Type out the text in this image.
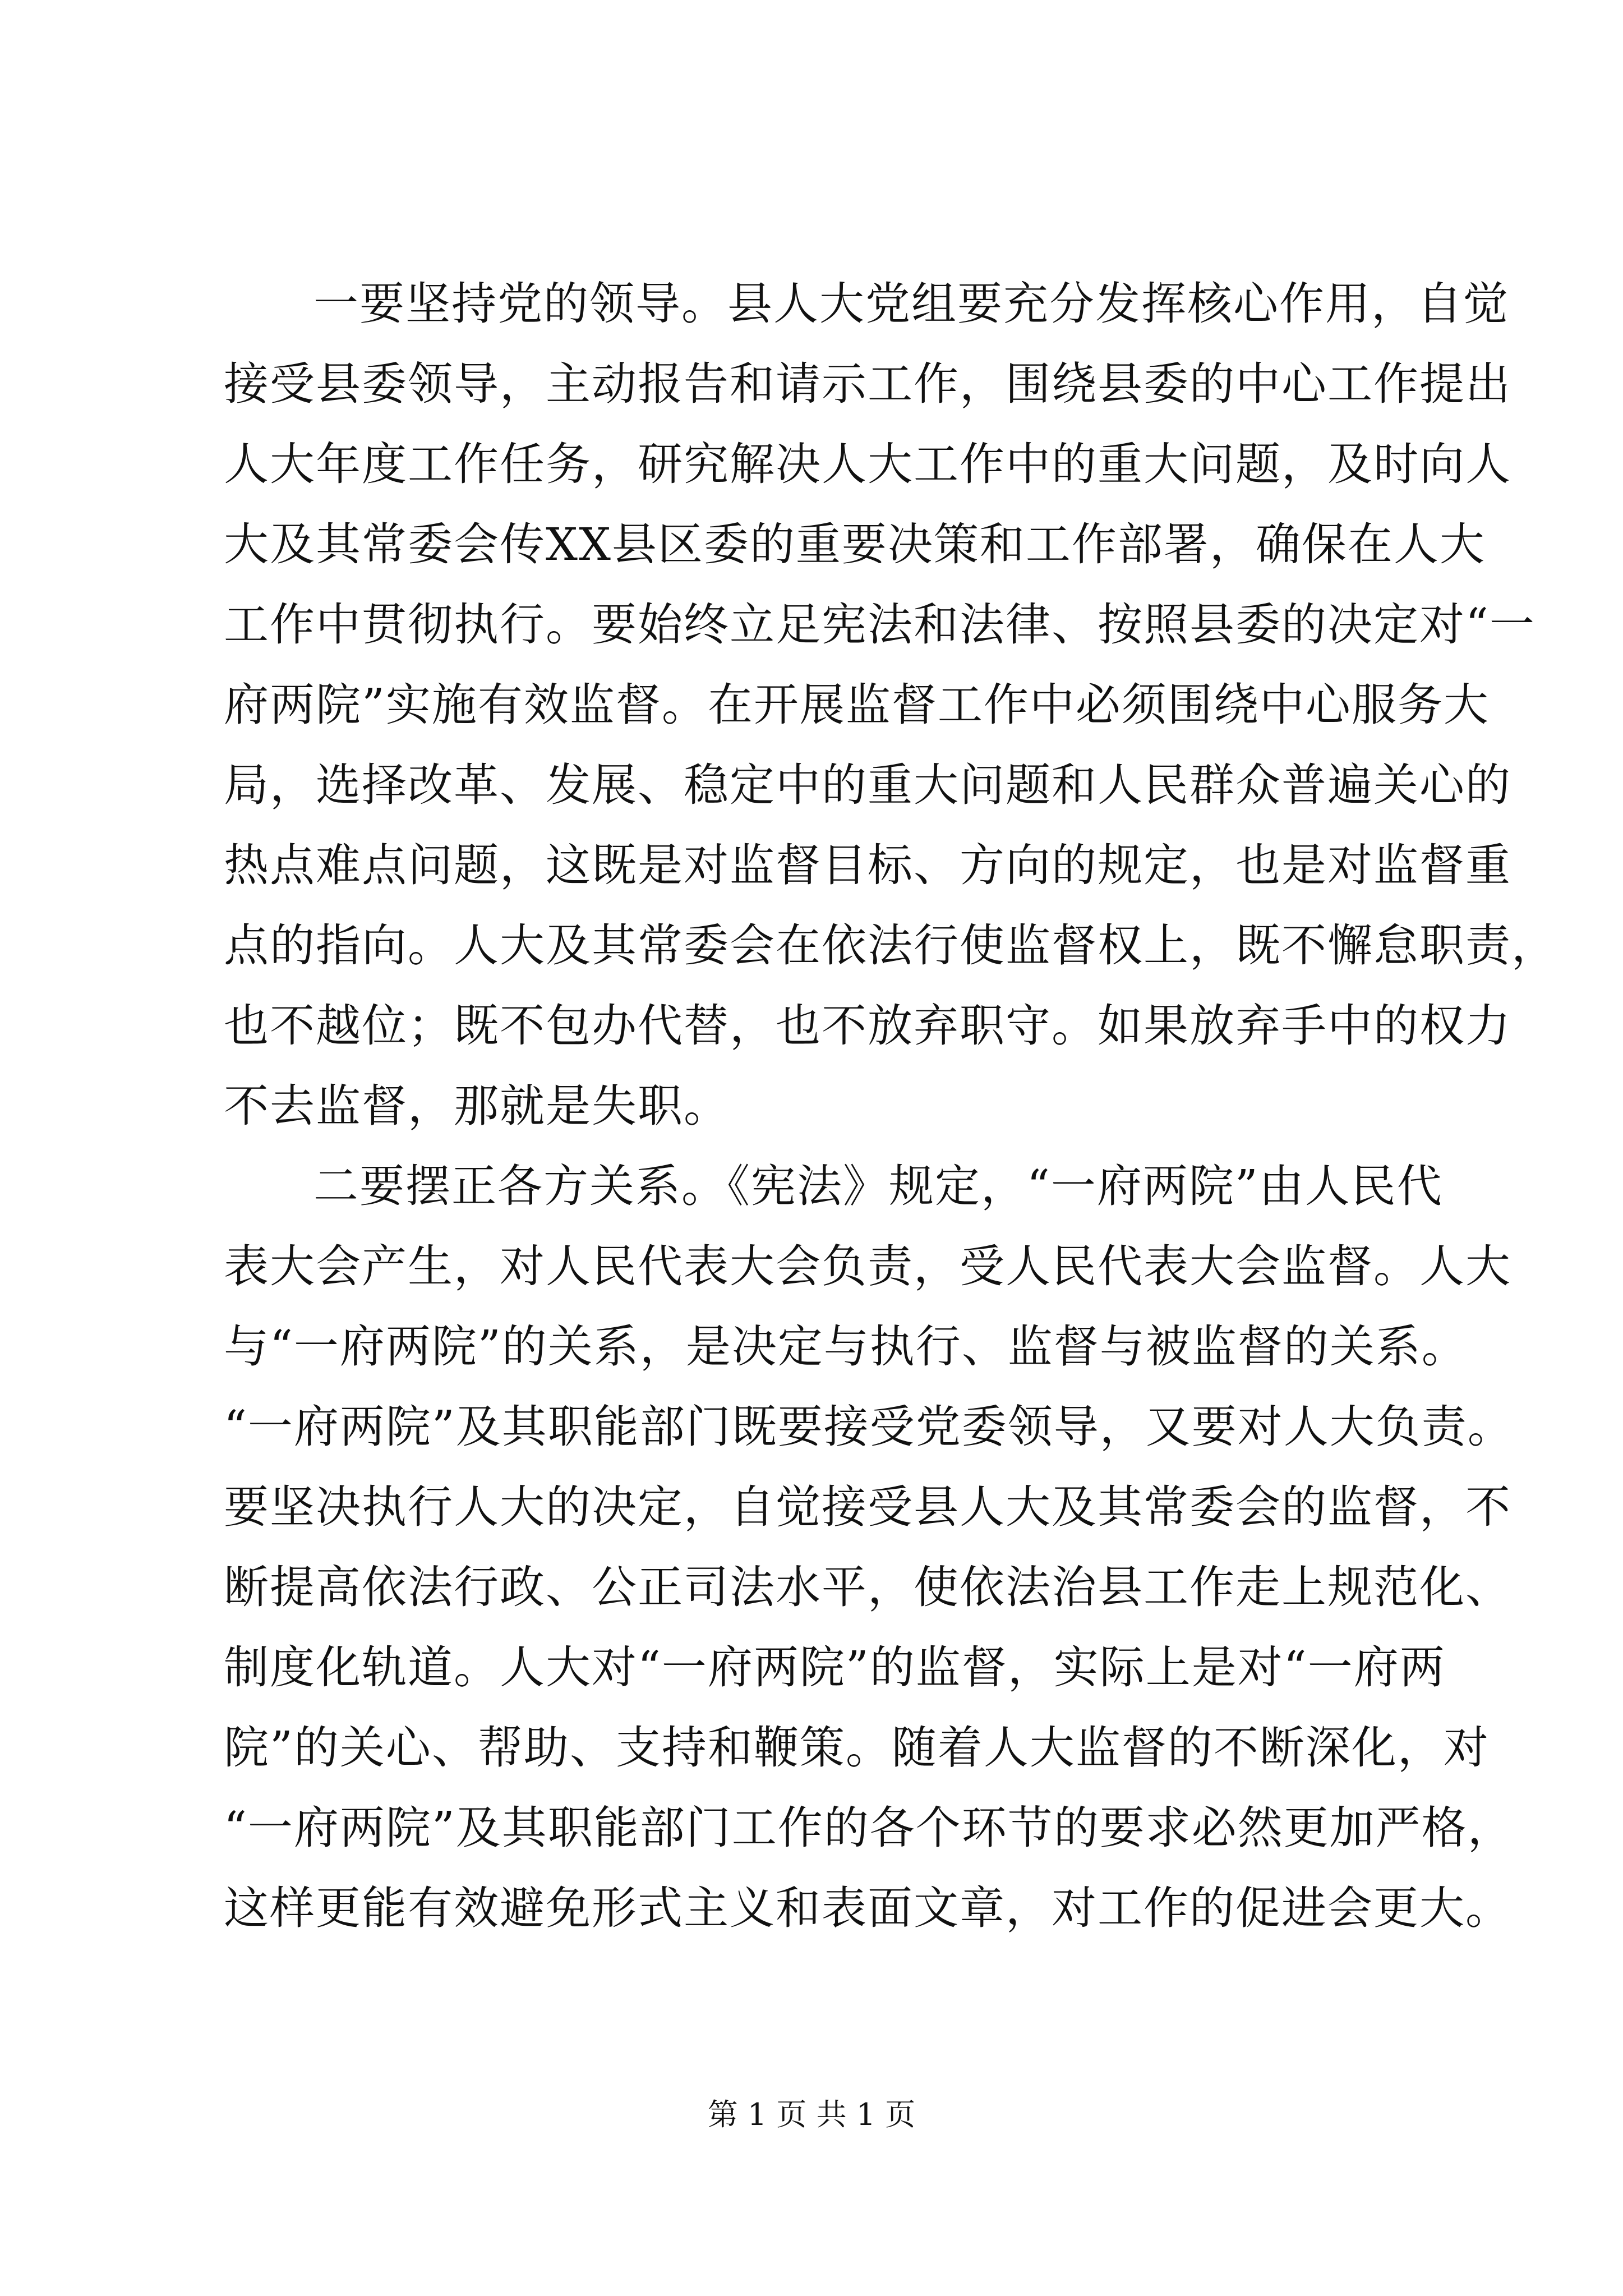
一要坚持党的领导。县人大党组要充分发挥核心作用，自觉
接受县委领导，主动报告和请示工作，围绕县委的中心工作提出
人大年度工作任务，研究解决人大工作中的重大问题，及时向人
大及其常委会传XX县区委的重要决策和工作部署，确保在人大
工作中贯彻执行。要始终立足宪法和法律、按照县委的决定对“一
府两院”实施有效监督。在开展监督工作中必须围绕中心服务大
局，选择改革、发展、稳定中的重大问题和人民群众普遍关心的
热点难点问题，这既是对监督目标、方向的规定，也是对监督重
点的指向。人大及其常委会在依法行使监督权上，既不懈怠职责，
也不越位；既不包办代替，也不放弃职守。如果放弃手中的权力
不去监督，那就是失职。
二要摆正各方关系。《宪法》规定，“一府两院”由人民代
表大会产生，对人民代表大会负责，受人民代表大会监督。人大
与“一府两院”的关系，是决定与执行、监督与被监督的关系。
“一府两院”及其职能部门既要接受党委领导，又要对人大负责。
要坚决执行人大的决定，自觉接受县人大及其常委会的监督，不
断提高依法行政、公正司法水平，使依法治县工作走上规范化、
制度化轨道。人大对“一府两院”的监督，实际上是对“一府两
院”的关心、帮助、支持和鞭策。随着人大监督的不断深化，对
“一府两院”及其职能部门工作的各个环节的要求必然更加严格，
这样更能有效避免形式主义和表面文章，对工作的促进会更大。
第 1 页 共 1 页
